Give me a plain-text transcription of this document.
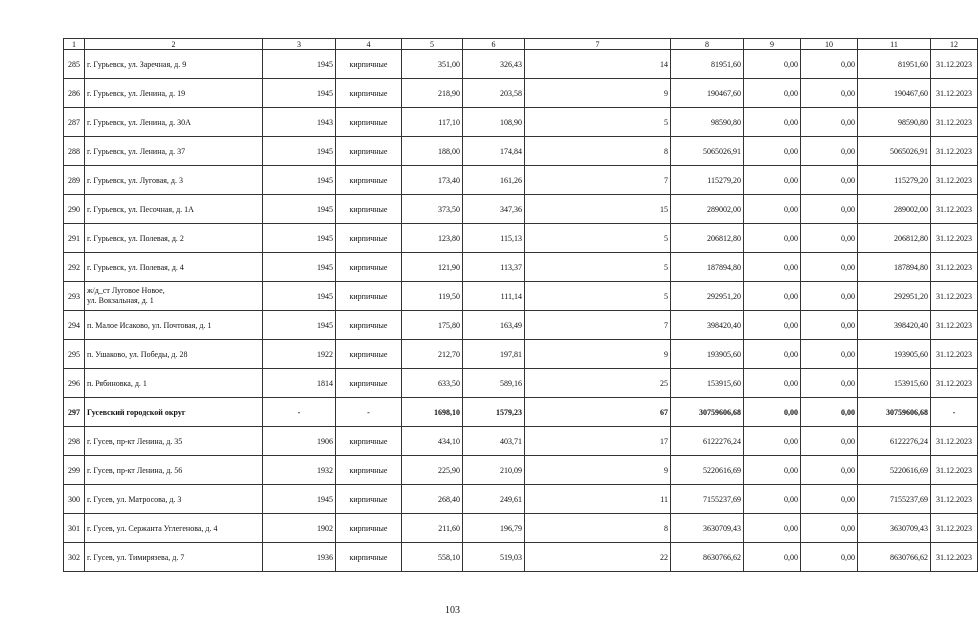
1	2	3	4	5	6	7	8	9	10	11	12
285	г. Гурьевск, ул. Заречная, д. 9	1945	кирпичные	351,00	326,43	14	81951,60	0,00	0,00	81951,60	31.12.2023
286	г. Гурьевск, ул. Ленина, д. 19	1945	кирпичные	218,90	203,58	9	190467,60	0,00	0,00	190467,60	31.12.2023
287	г. Гурьевск, ул. Ленина, д. 30А	1943	кирпичные	117,10	108,90	5	98590,80	0,00	0,00	98590,80	31.12.2023
288	г. Гурьевск, ул. Ленина, д. 37	1945	кирпичные	188,00	174,84	8	5065026,91	0,00	0,00	5065026,91	31.12.2023
289	г. Гурьевск, ул. Луговая, д. 3	1945	кирпичные	173,40	161,26	7	115279,20	0,00	0,00	115279,20	31.12.2023
290	г. Гурьевск, ул. Песочная, д. 1А	1945	кирпичные	373,50	347,36	15	289002,00	0,00	0,00	289002,00	31.12.2023
291	г. Гурьевск, ул. Полевая, д. 2	1945	кирпичные	123,80	115,13	5	206812,80	0,00	0,00	206812,80	31.12.2023
292	г. Гурьевск, ул. Полевая, д. 4	1945	кирпичные	121,90	113,37	5	187894,80	0,00	0,00	187894,80	31.12.2023
293	ж/д_ст Луговое Новое,
ул. Вокзальная, д. 1	1945	кирпичные	119,50	111,14	5	292951,20	0,00	0,00	292951,20	31.12.2023
294	п. Малое Исаково, ул. Почтовая, д. 1	1945	кирпичные	175,80	163,49	7	398420,40	0,00	0,00	398420,40	31.12.2023
295	п. Ушаково, ул. Победы, д. 28	1922	кирпичные	212,70	197,81	9	193905,60	0,00	0,00	193905,60	31.12.2023
296	п. Рябиновка, д. 1	1814	кирпичные	633,50	589,16	25	153915,60	0,00	0,00	153915,60	31.12.2023
297	Гусевский городской округ	-	-	1698,10	1579,23	67	30759606,68	0,00	0,00	30759606,68	-
298	г. Гусев, пр-кт Ленина, д. 35	1906	кирпичные	434,10	403,71	17	6122276,24	0,00	0,00	6122276,24	31.12.2023
299	г. Гусев, пр-кт Ленина, д. 56	1932	кирпичные	225,90	210,09	9	5220616,69	0,00	0,00	5220616,69	31.12.2023
300	г. Гусев, ул. Матросова, д. 3	1945	кирпичные	268,40	249,61	11	7155237,69	0,00	0,00	7155237,69	31.12.2023
301	г. Гусев, ул. Сержанта Углегенова, д. 4	1902	кирпичные	211,60	196,79	8	3630709,43	0,00	0,00	3630709,43	31.12.2023
302	г. Гусев, ул. Тимирязева, д. 7	1936	кирпичные	558,10	519,03	22	8630766,62	0,00	0,00	8630766,62	31.12.2023
103
